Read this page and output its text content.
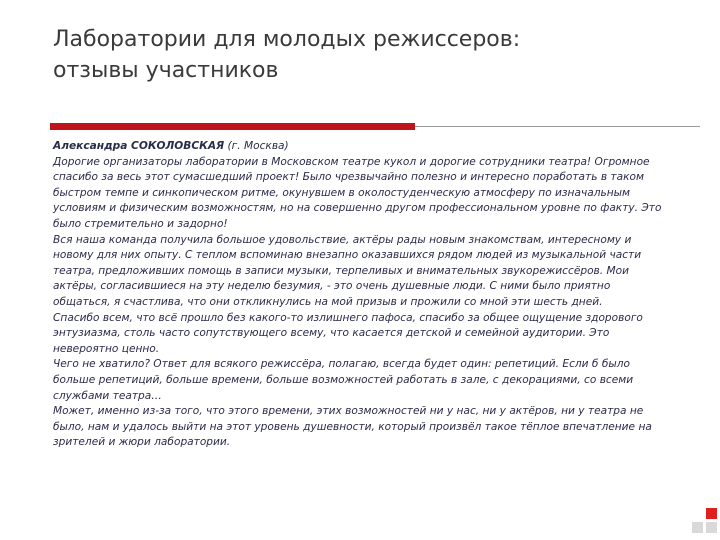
Лаборатории для молодых режиссеров:
отзывы участников

Александра СОКОЛОВСКАЯ (г. Москва)

Дорогие организаторы лаборатории в Московском театре кукол и дорогие сотрудники театра! Огромное спасибо за весь этот сумасшедший проект! Было чрезвычайно полезно и интересно поработать в таком быстром темпе и синкопическом ритме, окунувшем в околостуденческую атмосферу по изначальным условиям и физическим возможностям, но на совершенно другом профессиональном уровне по факту. Это было стремительно и задорно!

Вся наша команда получила большое удовольствие, актёры рады новым знакомствам, интересному и новому для них опыту. С теплом вспоминаю внезапно оказавшихся рядом людей из музыкальной части театра, предложивших помощь в записи музыки, терпеливых и внимательных звукорежиссёров. Мои актёры, согласившиеся на эту неделю безумия, - это очень душевные люди. С ними было приятно общаться, я счастлива, что они откликнулись на мой призыв и прожили со мной эти шесть дней.

Спасибо всем, что всё прошло без какого-то излишнего пафоса, спасибо за общее ощущение здорового энтузиазма, столь часто сопутствующего всему, что касается детской и семейной аудитории. Это невероятно ценно.

Чего не хватило? Ответ для всякого режиссёра, полагаю, всегда будет один: репетиций. Если б было больше репетиций, больше времени, больше возможностей работать в зале, с декорациями, со всеми службами театра…

Может, именно из-за того, что этого времени, этих возможностей ни у нас, ни у актёров, ни у театра не было, нам и удалось выйти на этот уровень душевности, который произвёл такое тёплое впечатление на зрителей и жюри лаборатории.
